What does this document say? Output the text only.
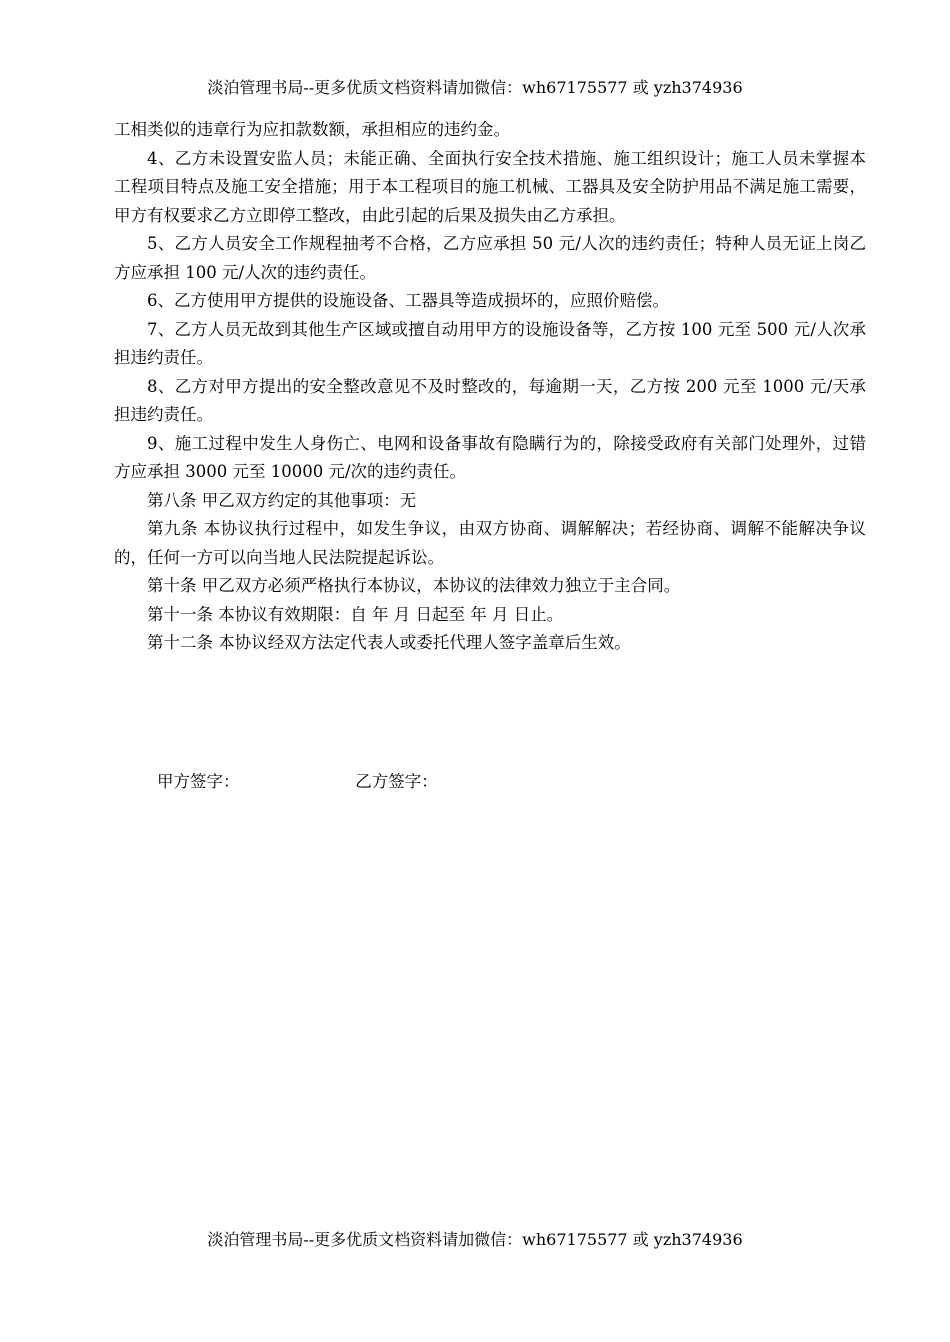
淡泊管理书局--更多优质文档资料请加微信：wh67175577 或 yzh374936

工相类似的违章行为应扣款数额，承担相应的违约金。

4、乙方未设置安监人员；未能正确、全面执行安全技术措施、施工组织设计；施工人员未掌握本工程项目特点及施工安全措施；用于本工程项目的施工机械、工器具及安全防护用品不满足施工需要，甲方有权要求乙方立即停工整改，由此引起的后果及损失由乙方承担。

5、乙方人员安全工作规程抽考不合格，乙方应承担 50 元/人次的违约责任；特种人员无证上岗乙方应承担 100 元/人次的违约责任。

6、乙方使用甲方提供的设施设备、工器具等造成损坏的，应照价赔偿。

7、乙方人员无故到其他生产区域或擅自动用甲方的设施设备等，乙方按 100 元至 500 元/人次承担违约责任。

8、乙方对甲方提出的安全整改意见不及时整改的，每逾期一天，乙方按 200 元至 1000 元/天承担违约责任。

9、施工过程中发生人身伤亡、电网和设备事故有隐瞒行为的，除接受政府有关部门处理外，过错方应承担 3000 元至 10000 元/次的违约责任。

第八条 甲乙双方约定的其他事项：无

第九条 本协议执行过程中，如发生争议，由双方协商、调解解决；若经协商、调解不能解决争议的，任何一方可以向当地人民法院提起诉讼。

第十条 甲乙双方必须严格执行本协议，本协议的法律效力独立于主合同。

第十一条 本协议有效期限：自 年 月 日起至 年 月 日止。

第十二条 本协议经双方法定代表人或委托代理人签字盖章后生效。

甲方签字：	乙方签字：
淡泊管理书局--更多优质文档资料请加微信：wh67175577 或 yzh374936
